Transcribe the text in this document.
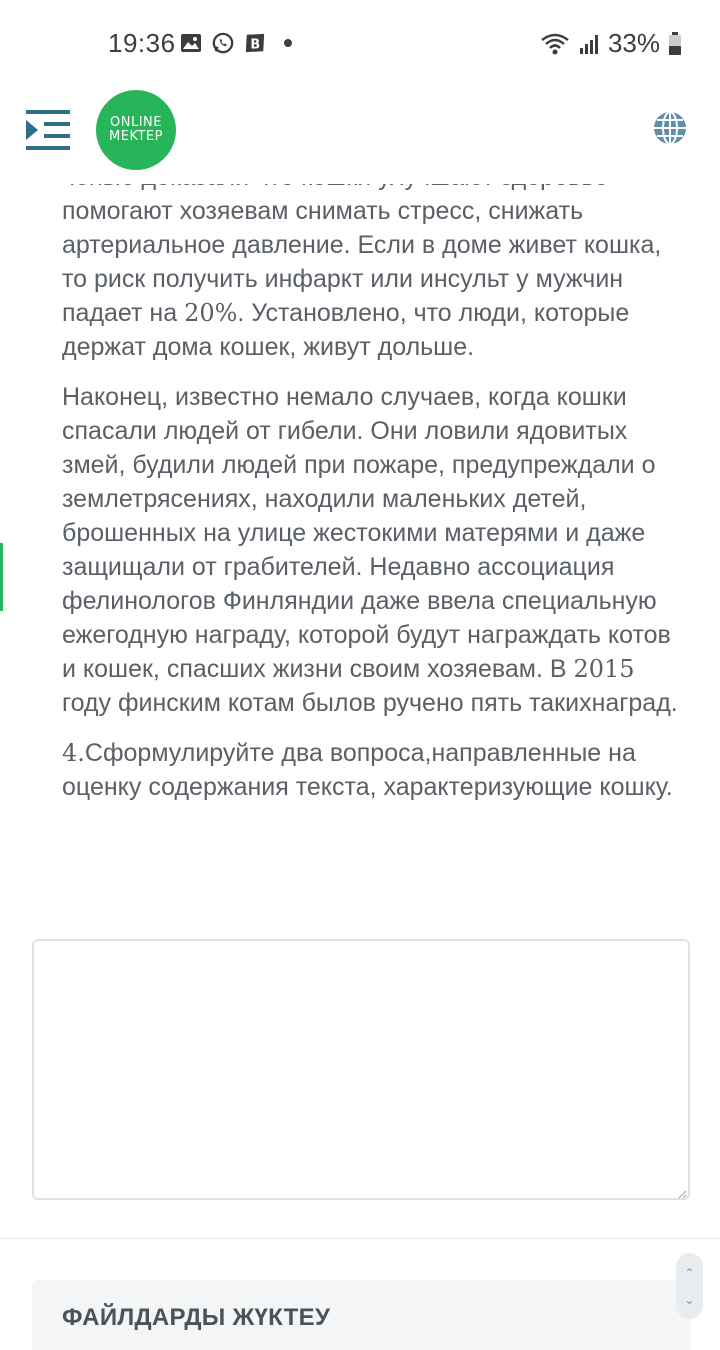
19:36	B	33%
ONLINE
MEKTEP

помогают хозяевам снимать стресс, снижать артериальное давление. Если в доме живет кошка, то риск получить инфаркт или инсульт у мужчин падает на 20%. Установлено, что люди, которые держат дома кошек, живут дольше.

Наконец, известно немало случаев, когда кошки спасали людей от гибели. Они ловили ядовитых змей, будили людей при пожаре, предупреждали о землетрясениях, находили маленьких детей, брошенных на улице жестокими матерями и даже защищали от грабителей. Недавно ассоциация фелинологов Финляндии даже ввела специальную ежегодную награду, которой будут награждать котов и кошек, спасших жизни своим хозяевам. В 2015 году финским котам былов ручено пять такихнаград.

4.Сформулируйте два вопроса,направленные на оценку содержания текста, характеризующие кошку.

ФАЙЛДАРДЫ ЖҮКТЕУ
⌃
⌄
